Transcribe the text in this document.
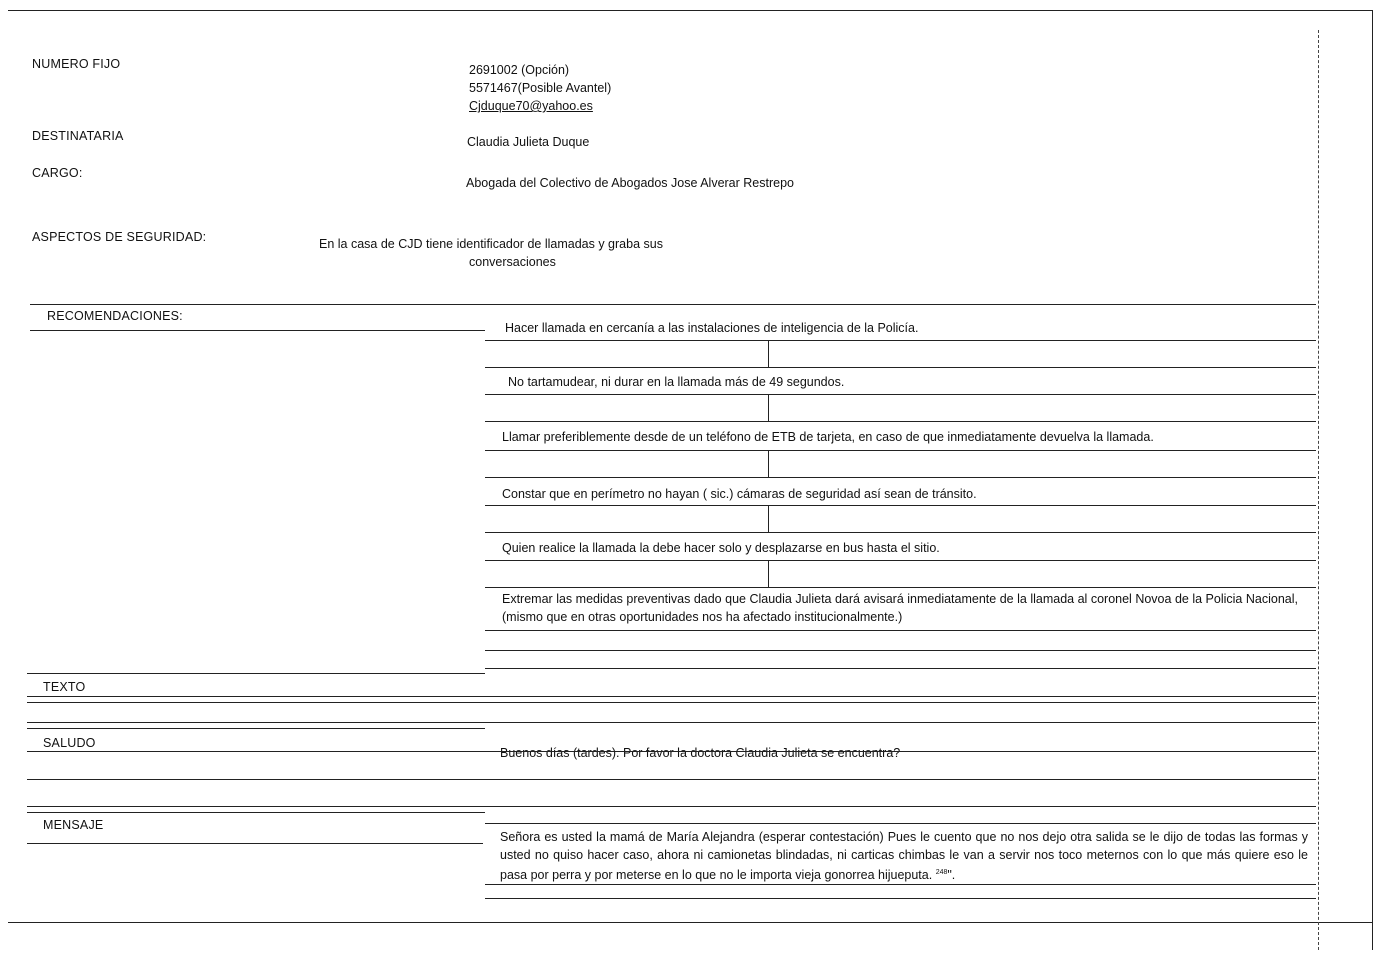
NUMERO FIJO	2691002 (Opción)
5571467(Posible Avantel)
Cjduque70@yahoo.es
DESTINATARIA	Claudia Julieta Duque
CARGO:
Abogada del Colectivo de Abogados Jose Alverar Restrepo
ASPECTOS DE SEGURIDAD:	En la casa de CJD tiene identificador de llamadas y graba sus
conversaciones
RECOMENDACIONES:
Hacer llamada en cercanía a las instalaciones de inteligencia de la Policía.
No tartamudear, ni durar en la llamada más de 49 segundos.
Llamar preferiblemente desde de un teléfono de ETB de tarjeta, en caso de que inmediatamente devuelva la llamada.
Constar que en perímetro no hayan ( sic.) cámaras de seguridad así sean de tránsito.
Quien realice la llamada la debe hacer solo y desplazarse en bus hasta el sitio.
Extremar las medidas preventivas dado que Claudia Julieta dará avisará inmediatamente de la llamada al coronel Novoa de la Policia Nacional, (mismo que en otras oportunidades nos ha afectado institucionalmente.)
TEXTO
SALUDO
Buenos días (tardes). Por favor la doctora Claudia Julieta se encuentra?
MENSAJE
Señora es usted la mamá de María Alejandra (esperar contestación) Pues le cuento que no nos dejo otra salida se le dijo de todas las formas y usted no quiso hacer caso, ahora ni camionetas blindadas, ni carticas chimbas le van a servir nos toco meternos con lo que más quiere eso le pasa por perra y por meterse en lo que no le importa vieja gonorrea hijueputa. $^{248}$".
